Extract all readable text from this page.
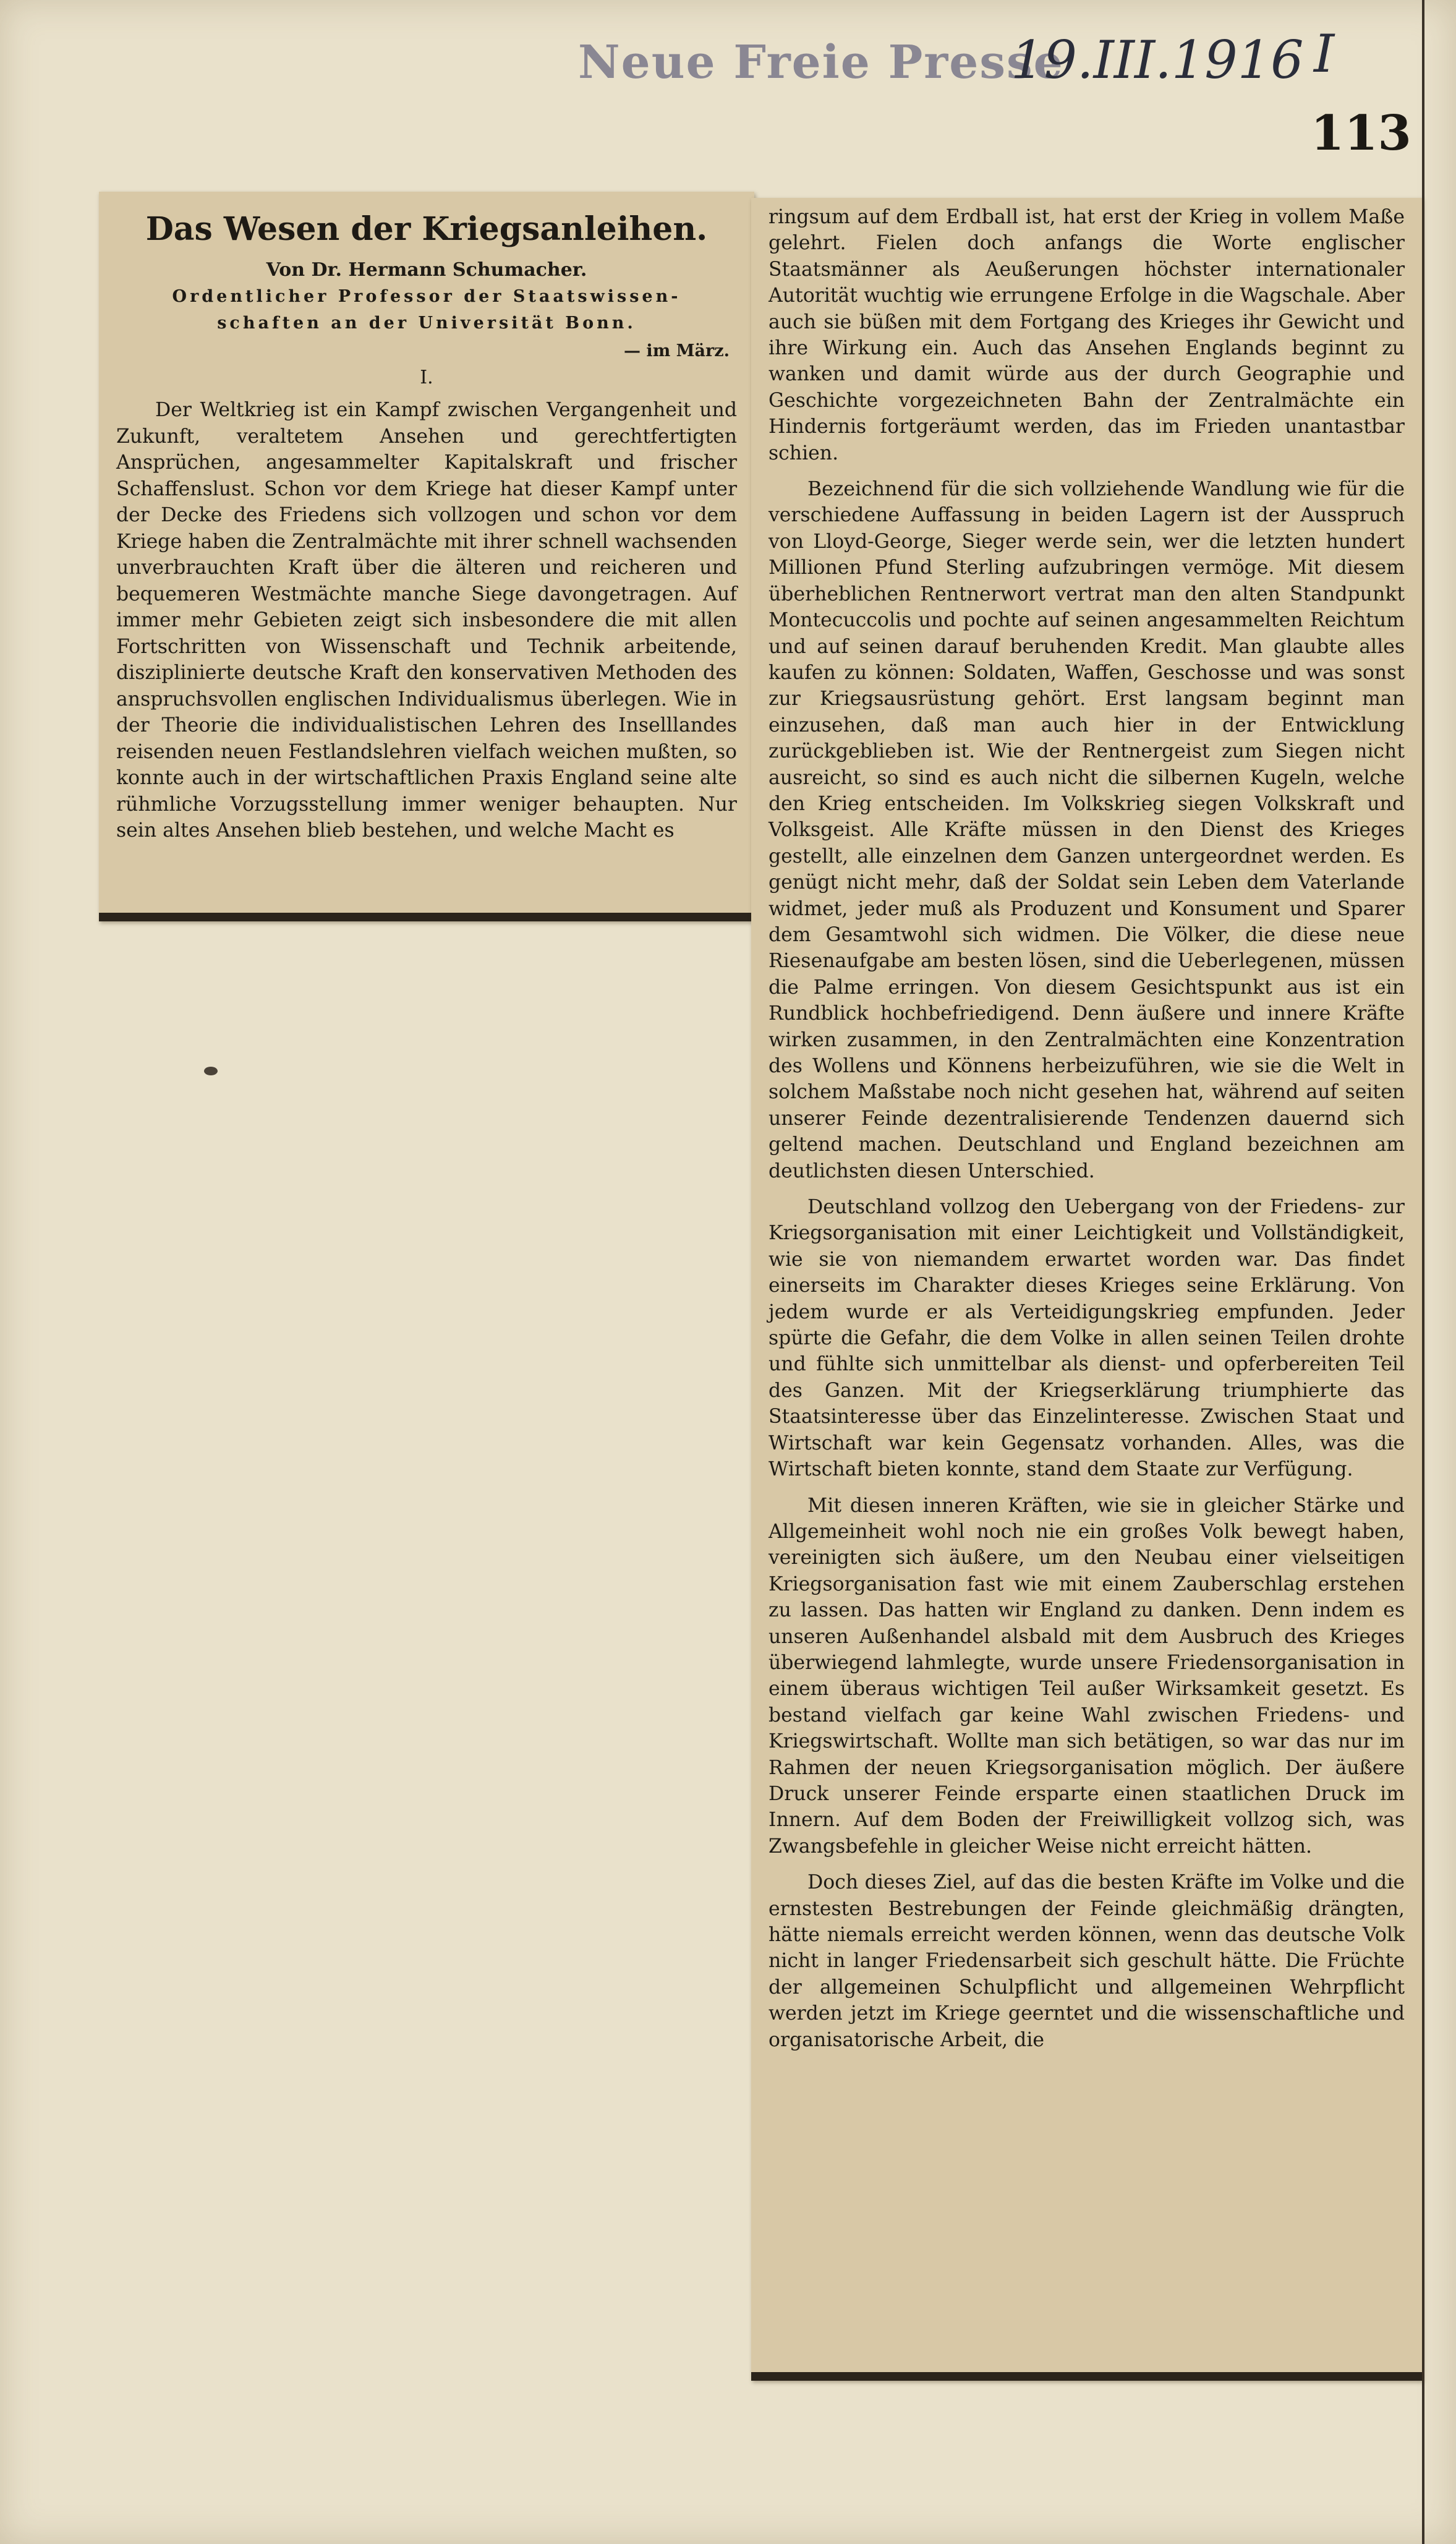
Neue Freie Presse
19.III.1916 I
113
Das Wesen der Kriegsanleihen.
Von Dr. Hermann Schumacher.
Ordentlicher Professor der Staatswissen-
schaften an der Universität Bonn.
— im März.
I.
Der Weltkrieg ist ein Kampf zwischen Vergangenheit und Zukunft, veraltetem Ansehen und gerechtfertigten Ansprüchen, angesammelter Kapitalskraft und frischer Schaffenslust. Schon vor dem Kriege hat dieser Kampf unter der Decke des Friedens sich vollzogen und schon vor dem Kriege haben die Zentralmächte mit ihrer schnell wachsenden unverbrauchten Kraft über die älteren und reicheren und bequemeren Westmächte manche Siege davongetragen. Auf immer mehr Gebieten zeigt sich insbesondere die mit allen Fortschritten von Wissenschaft und Technik arbeitende, disziplinierte deutsche Kraft den konservativen Methoden des anspruchsvollen englischen Individualismus überlegen. Wie in der Theorie die individualistischen Lehren des Inselllandes reisenden neuen Festlandslehren vielfach weichen mußten, so konnte auch in der wirtschaftlichen Praxis England seine alte rühmliche Vorzugsstellung immer weniger behaupten. Nur sein altes Ansehen blieb bestehen, und welche Macht es

ringsum auf dem Erdball ist, hat erst der Krieg in vollem Maße gelehrt. Fielen doch anfangs die Worte englischer Staatsmänner als Aeußerungen höchster internationaler Autorität wuchtig wie errungene Erfolge in die Wagschale. Aber auch sie büßen mit dem Fortgang des Krieges ihr Gewicht und ihre Wirkung ein. Auch das Ansehen Englands beginnt zu wanken und damit würde aus der durch Geographie und Geschichte vorgezeichneten Bahn der Zentralmächte ein Hindernis fortgeräumt werden, das im Frieden unantastbar schien.

Bezeichnend für die sich vollziehende Wandlung wie für die verschiedene Auffassung in beiden Lagern ist der Ausspruch von Lloyd-George, Sieger werde sein, wer die letzten hundert Millionen Pfund Sterling aufzubringen vermöge. Mit diesem überheblichen Rentnerwort vertrat man den alten Standpunkt Montecuccolis und pochte auf seinen angesammelten Reichtum und auf seinen darauf beruhenden Kredit. Man glaubte alles kaufen zu können: Soldaten, Waffen, Geschosse und was sonst zur Kriegsausrüstung gehört. Erst langsam beginnt man einzusehen, daß man auch hier in der Entwicklung zurückgeblieben ist. Wie der Rentnergeist zum Siegen nicht ausreicht, so sind es auch nicht die silbernen Kugeln, welche den Krieg entscheiden. Im Volkskrieg siegen Volkskraft und Volksgeist. Alle Kräfte müssen in den Dienst des Krieges gestellt, alle einzelnen dem Ganzen untergeordnet werden. Es genügt nicht mehr, daß der Soldat sein Leben dem Vaterlande widmet, jeder muß als Produzent und Konsument und Sparer dem Gesamtwohl sich widmen. Die Völker, die diese neue Riesenaufgabe am besten lösen, sind die Ueberlegenen, müssen die Palme erringen. Von diesem Gesichtspunkt aus ist ein Rundblick hochbefriedigend. Denn äußere und innere Kräfte wirken zusammen, in den Zentralmächten eine Konzentration des Wollens und Könnens herbeizuführen, wie sie die Welt in solchem Maßstabe noch nicht gesehen hat, während auf seiten unserer Feinde dezentralisierende Tendenzen dauernd sich geltend machen. Deutschland und England bezeichnen am deutlichsten diesen Unterschied.

Deutschland vollzog den Uebergang von der Friedens- zur Kriegsorganisation mit einer Leichtigkeit und Vollständigkeit, wie sie von niemandem erwartet worden war. Das findet einerseits im Charakter dieses Krieges seine Erklärung. Von jedem wurde er als Verteidigungskrieg empfunden. Jeder spürte die Gefahr, die dem Volke in allen seinen Teilen drohte und fühlte sich unmittelbar als dienst- und opferbereiten Teil des Ganzen. Mit der Kriegserklärung triumphierte das Staatsinteresse über das Einzelinteresse. Zwischen Staat und Wirtschaft war kein Gegensatz vorhanden. Alles, was die Wirtschaft bieten konnte, stand dem Staate zur Verfügung.

Mit diesen inneren Kräften, wie sie in gleicher Stärke und Allgemeinheit wohl noch nie ein großes Volk bewegt haben, vereinigten sich äußere, um den Neubau einer vielseitigen Kriegsorganisation fast wie mit einem Zauberschlag erstehen zu lassen. Das hatten wir England zu danken. Denn indem es unseren Außenhandel alsbald mit dem Ausbruch des Krieges überwiegend lahmlegte, wurde unsere Friedensorganisation in einem überaus wichtigen Teil außer Wirksamkeit gesetzt. Es bestand vielfach gar keine Wahl zwischen Friedens- und Kriegswirtschaft. Wollte man sich betätigen, so war das nur im Rahmen der neuen Kriegsorganisation möglich. Der äußere Druck unserer Feinde ersparte einen staatlichen Druck im Innern. Auf dem Boden der Freiwilligkeit vollzog sich, was Zwangsbefehle in gleicher Weise nicht erreicht hätten.

Doch dieses Ziel, auf das die besten Kräfte im Volke und die ernstesten Bestrebungen der Feinde gleichmäßig drängten, hätte niemals erreicht werden können, wenn das deutsche Volk nicht in langer Friedensarbeit sich geschult hätte. Die Früchte der allgemeinen Schulpflicht und allgemeinen Wehrpflicht werden jetzt im Kriege geerntet und die wissenschaftliche und organisatorische Arbeit, die
